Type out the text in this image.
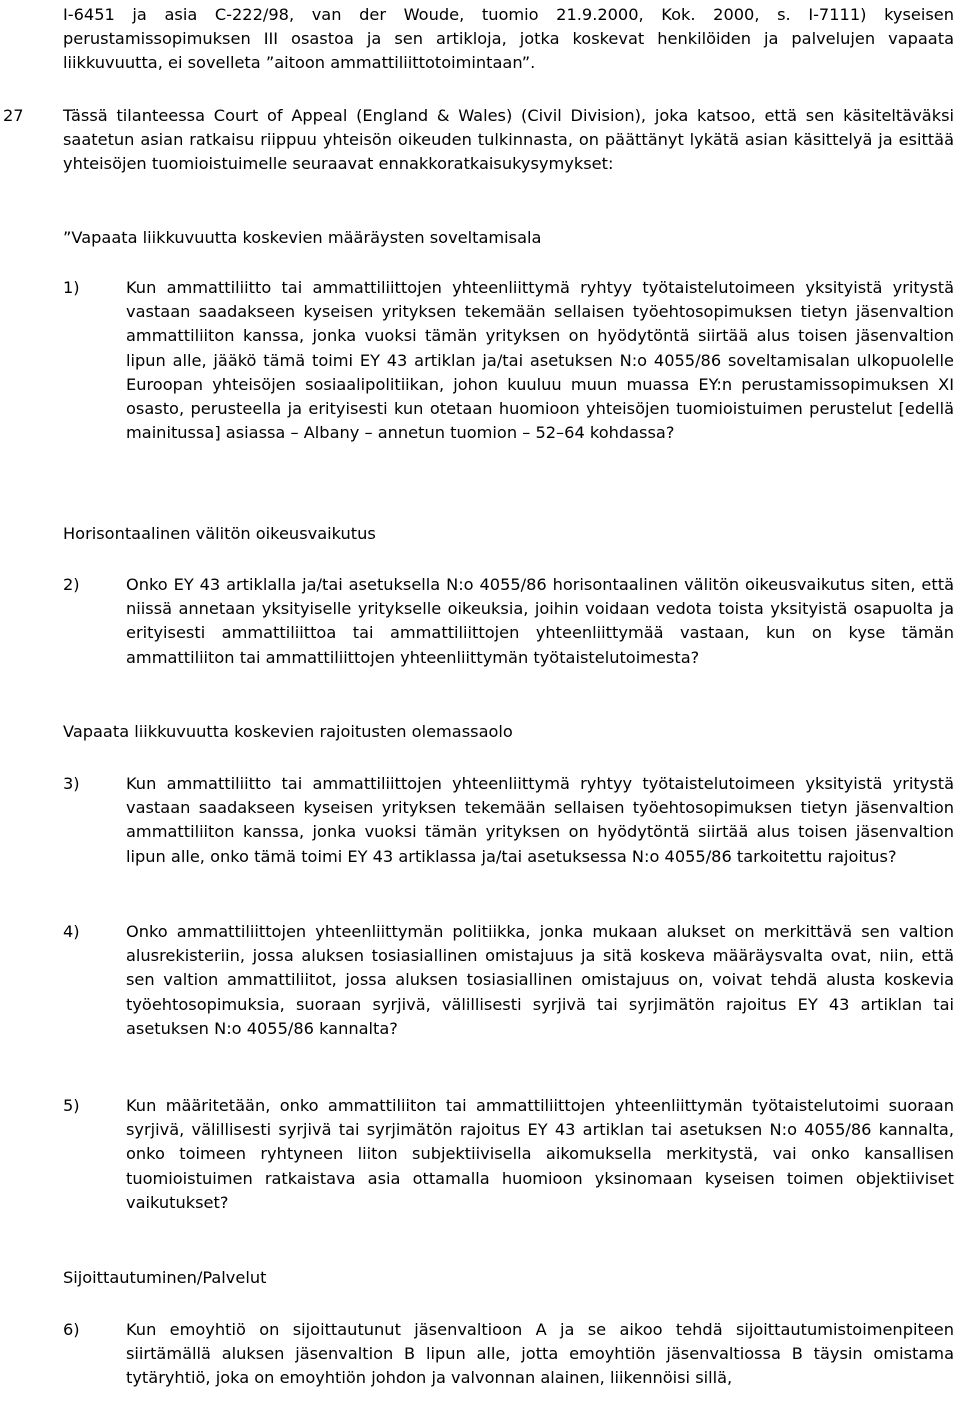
I-6451 ja asia C-222/98, van der Woude, tuomio 21.9.2000, Kok. 2000, s. I-7111) kyseisen perustamissopimuksen III osastoa ja sen artikloja, jotka koskevat henkilöiden ja palvelujen vapaata liikkuvuutta, ei sovelleta ”aitoon ammattiliittotoimintaan”.

27 Tässä tilanteessa Court of Appeal (England & Wales) (Civil Division), joka katsoo, että sen käsiteltäväksi saatetun asian ratkaisu riippuu yhteisön oikeuden tulkinnasta, on päättänyt lykätä asian käsittelyä ja esittää yhteisöjen tuomioistuimelle seuraavat ennakkoratkaisukysymykset:

”Vapaata liikkuvuutta koskevien määräysten soveltamisala

1)	Kun ammattiliitto tai ammattiliittojen yhteenliittymä ryhtyy työtaistelutoimeen yksityistä yritystä vastaan saadakseen kyseisen yrityksen tekemään sellaisen työehtosopimuksen tietyn jäsenvaltion ammattiliiton kanssa, jonka vuoksi tämän yrityksen on hyödytöntä siirtää alus toisen jäsenvaltion lipun alle, jääkö tämä toimi EY 43 artiklan ja/tai asetuksen N:o 4055/86 soveltamisalan ulkopuolelle Euroopan yhteisöjen sosiaalipolitiikan, johon kuuluu muun muassa EY:n perustamissopimuksen XI osasto, perusteella ja erityisesti kun otetaan huomioon yhteisöjen tuomioistuimen perustelut [edellä mainitussa] asiassa – Albany – annetun tuomion – 52–64 kohdassa?

Horisontaalinen välitön oikeusvaikutus

2)	Onko EY 43 artiklalla ja/tai asetuksella N:o 4055/86 horisontaalinen välitön oikeusvaikutus siten, että niissä annetaan yksityiselle yritykselle oikeuksia, joihin voidaan vedota toista yksityistä osapuolta ja erityisesti ammattiliittoa tai ammattiliittojen yhteenliittymää vastaan, kun on kyse tämän ammattiliiton tai ammattiliittojen yhteenliittymän työtaistelutoimesta?

Vapaata liikkuvuutta koskevien rajoitusten olemassaolo

3)	Kun ammattiliitto tai ammattiliittojen yhteenliittymä ryhtyy työtaistelutoimeen yksityistä yritystä vastaan saadakseen kyseisen yrityksen tekemään sellaisen työehtosopimuksen tietyn jäsenvaltion ammattiliiton kanssa, jonka vuoksi tämän yrityksen on hyödytöntä siirtää alus toisen jäsenvaltion lipun alle, onko tämä toimi EY 43 artiklassa ja/tai asetuksessa N:o 4055/86 tarkoitettu rajoitus?

4)	Onko ammattiliittojen yhteenliittymän politiikka, jonka mukaan alukset on merkittävä sen valtion alusrekisteriin, jossa aluksen tosiasiallinen omistajuus ja sitä koskeva määräysvalta ovat, niin, että sen valtion ammattiliitot, jossa aluksen tosiasiallinen omistajuus on, voivat tehdä alusta koskevia työehtosopimuksia, suoraan syrjivä, välillisesti syrjivä tai syrjimätön rajoitus EY 43 artiklan tai asetuksen N:o 4055/86 kannalta?

5)	Kun määritetään, onko ammattiliiton tai ammattiliittojen yhteenliittymän työtaistelutoimi suoraan syrjivä, välillisesti syrjivä tai syrjimätön rajoitus EY 43 artiklan tai asetuksen N:o 4055/86 kannalta, onko toimeen ryhtyneen liiton subjektiivisella aikomuksella merkitystä, vai onko kansallisen tuomioistuimen ratkaistava asia ottamalla huomioon yksinomaan kyseisen toimen objektiiviset vaikutukset?

Sijoittautuminen/Palvelut

6)	Kun emoyhtiö on sijoittautunut jäsenvaltioon A ja se aikoo tehdä sijoittautumistoimenpiteen siirtämällä aluksen jäsenvaltion B lipun alle, jotta emoyhtiön jäsenvaltiossa B täysin omistama tytäryhtiö, joka on emoyhtiön johdon ja valvonnan alainen, liikennöisi sillä,
